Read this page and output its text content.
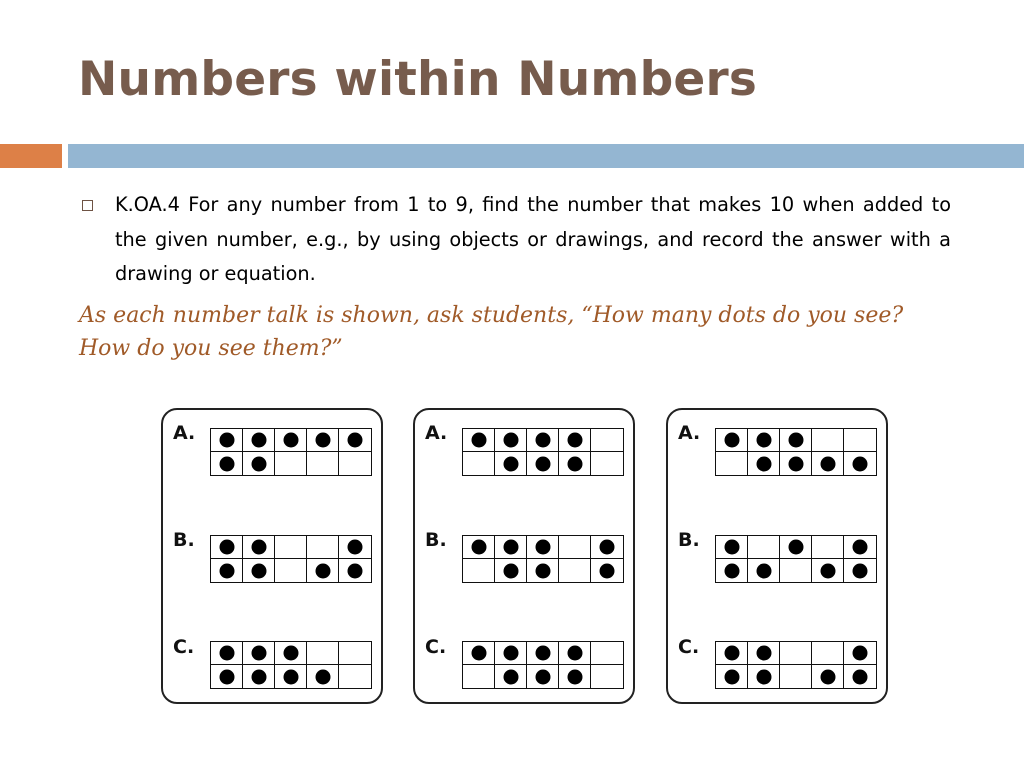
Numbers within Numbers

K.OA.4 For any number from 1 to 9, find the number that makes 10 when added to the given number, e.g., by using objects or drawings, and record the answer with a drawing or equation.

As each number talk is shown, ask students, “How many dots do you see? How do you see them?”

A.
B.
C.
A.
B.
C.
A.
B.
C.
